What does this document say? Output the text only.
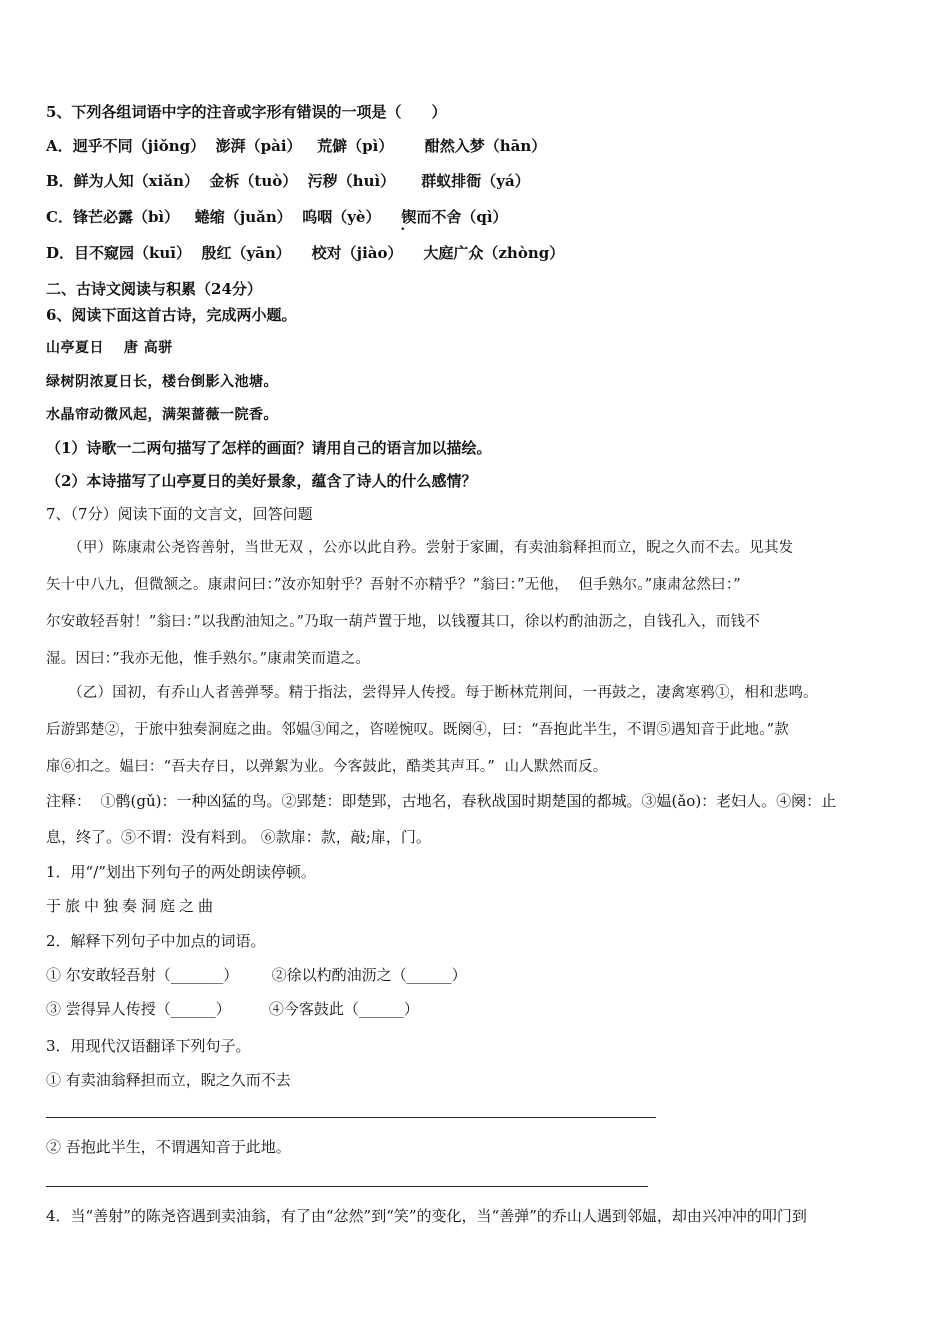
5、下列各组词语中字的注音或字形有错误的一项是（　　）
A．迥乎不同（jiǒng）  澎湃（pài）   荒僻（pì）      酣然入梦（hān）
B．鲜为人知（xiǎn）  金柝（tuò）  污秽（huì）     群蚁排衙（yá）
C．锋芒必露（bì）   蜷缩（juǎn）  呜咽（yè）    锲而不舍（qì）
D．目不窥园（kuī）  殷红（yān）    校对（jiào）    大庭广众（zhòng）
二、古诗文阅读与积累（24分）
6、阅读下面这首古诗，完成两小题。
山亭夏日　 唐 高骈
绿树阴浓夏日长，楼台倒影入池塘。
水晶帘动微风起，满架蔷薇一院香。
（1）诗歌一二两句描写了怎样的画面？请用自己的语言加以描绘。
（2）本诗描写了山亭夏日的美好景象，蕴含了诗人的什么感情？
7、（7分）阅读下面的文言文，回答问题
　　（甲）陈康肃公尧咨善射，当世无双 ，公亦以此自矜。尝射于家圃，有卖油翁释担而立，睨之久而不去。见其发
矢十中八九，但微颔之。康肃问曰：”汝亦知射乎？吾射不亦精乎？”翁曰：”无他，  但手熟尔。”康肃忿然曰：”
尔安敢轻吾射！”翁曰：”以我酌油知之。”乃取一葫芦置于地，以钱覆其口，徐以杓酌油沥之，自钱孔入，而钱不
湿。因曰：”我亦无他，惟手熟尔。”康肃笑而遣之。
　　（乙）国初，有乔山人者善弹琴。精于指法，尝得异人传授。每于断林荒荆间，一再鼓之，凄禽寒鸦①，相和悲鸣。
后游郢楚②，于旅中独奏洞庭之曲。邻媪③闻之，咨嗟惋叹。既阕④，曰：“吾抱此半生，不谓⑤遇知音于此地。”款
扉⑥扣之。媪曰：“吾夫存日，以弹絮为业。今客鼓此，酷类其声耳。”  山人默然而反。
注释：  ①鹘(gǔ)：一种凶猛的鸟。②郢楚：即楚郢，古地名，春秋战国时期楚国的都城。③媪(ǎo)：老妇人。④阕：止
息，终了。⑤不谓：没有料到。 ⑥款扉：款，敲;扉，门。
1．用“/”划出下列句子的两处朗读停顿。
于旅中独奏洞庭之曲
2．解释下列句子中加点的词语。
① 尔安敢轻吾射（_______）       ②徐以杓酌油沥之（______）
③ 尝得异人传授（______）        ④今客鼓此（______）
3．用现代汉语翻译下列句子。
① 有卖油翁释担而立，睨之久而不去
② 吾抱此半生，不谓遇知音于此地。
4．当“善射”的陈尧咨遇到卖油翁，有了由“忿然”到“笑”的变化，当“善弹”的乔山人遇到邻媪，却由兴冲冲的叩门到
